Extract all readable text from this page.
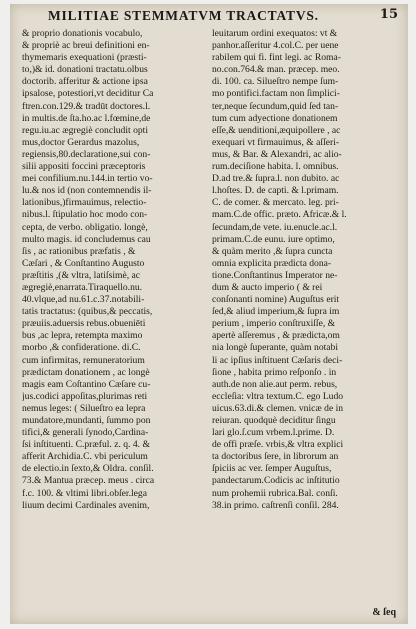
MILITIAE STEMMATVM TRACTATVS.	15
& proprio donationis vocabulo,
& propriè ac breui definitioni en-
thymemaris exequationi (præsti-
to,)& id. donationi tractatu.olbus
doctorib. afferitur & actione ipsa
ipsalose, potestiori,vt deciditur Ca
ftren.con.129.& tradūt doctores.l.
in multis.de ſta.ho.ac l.fœmine,de
regu.iu.ac ægregiè concludit opti
mus,doctor Gerardus mazolus,
regiensis,80.declaratione,sui con-
silii appositi foccini præceptoris
mei confilium.nu.144.in tertio vo-
lu.& nos id (non contemnendis il-
lationibus,)firmauimus, relectio-
nibus.l. ſtipulatio hoc modo con-
cepta, de verbo. obligatio. longè,
multo magis. id concludemus cau
ſis , ac rationibus præfatis , &
Cæſari , & Conſtantino Augusto
præſtitis ,(& vltra, latiſsimè, ac
ægregiè,enarrata.Tiraquello.nu.
40.vlque,ad nu.61.c.37.notabili-
tatis tractatus: (quibus,& peccatis,
præuiis.aduersis rebus.obueniēti
bus ,ac lepra, retempta maximo
morbo ,& confideratione. di.C.
cum infirmitas, remuneratorium
prædictam donationem , ac longè
magis eam Coſtantino Cæſare cu-
jus.codici appoſitas,plurimas reti
nemus leges: ( Silueſtro ea lepra
mundatore,mundanti, ſummo pon
tifici,& generali ſynodo,Cardina-
ſsi inſtituenti. C.præful. z. q. 4. &
afferit Archidia.C. vbi periculum
de electio.in ſexto,& Oldra. conſil.
73.& Mantua præcep. meus . circa
f.c. 100. & vltimi libri.obſer.lega
liuum decimi Cardinales avenim,
leuitarum ordini exequatos: vt &
panhor.aſſeritur 4.col.C. per uene
rabilem qui fi. fint legi. ac Roma-
no.con.764.& man. præcep. meo.
di. 100. ca. Silueſtro nempe ſum-
mo pontifici.factam non ſimplici-
ter,neque ſecundum,quid ſed tan-
tum cum adyectione donationem
eſſe,& uenditioni,æquipollere , ac
exequari vt firmauimus, & aſſeri-
mus, & Bar. & Alexandri, ac alio-
rum.deciſione habita. l. omnibus.
D.ad tre.& ſupra.l. non dubito. ac
l.hoſtes. D. de capti. & l.primam.
C. de comer. & mercato. leg. pri-
mam.C.de offic. præto. Africæ.& l.
ſecundam,de vete. iu.enucle.ac.l.
primam.C.de eunu. iure optimo,
& quàm merito ,& ſupra cuncta
omnia explicita prædicta dona-
tione.Conſtantinus Imperator ne-
dum & aucto imperio ( & rei
conſonanti nomine) Auguſtus erit
ſed,& aliud imperium,& ſupra im
perium , imperio conſtruxiſſe, &
apertè aſſeremus , & prædicta,om
nia longè ſuperante, quàm notabi
li ac ipſius inſtituent Cæſaris deci-
ſione , habita primo reſponſo . in
auth.de non alie.aut perm. rebus,
eccleſia: vltra textum.C. ego Ludo
uicus.63.di.& clemen. vnicæ de in
reiuran. quodquè deciditur ſingu
lari glo.ſ.cum vrbem.l.prime. D.
de offi præſe. vrbis,& vltra explici
ta doctoribus ſere, in librorum an
ſpiciis ac ver. ſemper Auguſtus,
pandectarum.Codicis ac inſtitutio
num prohemii rubrica.Bal. conſi.
38.in primo. caſtrenſi conſil. 284.
& ſeq
